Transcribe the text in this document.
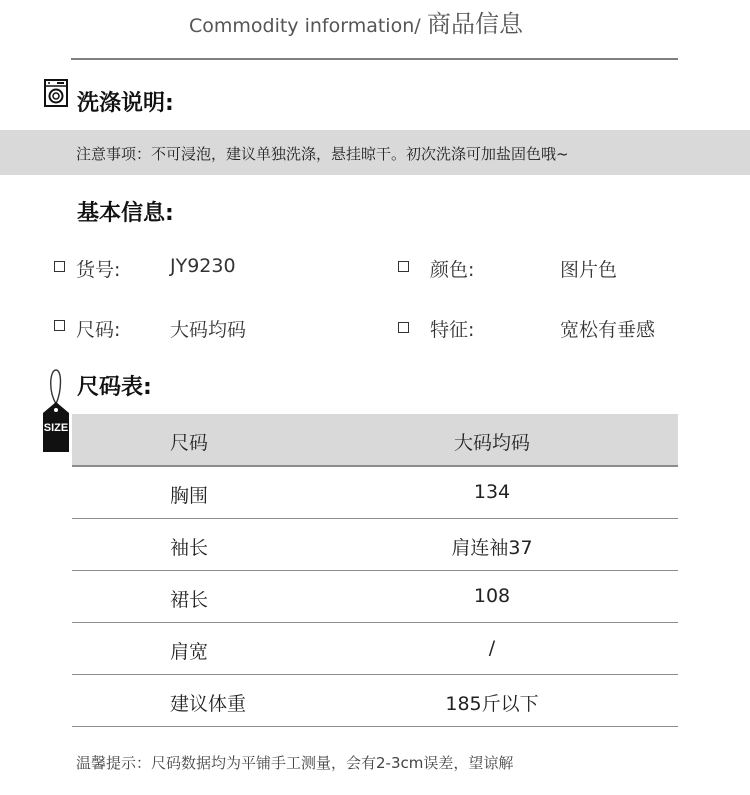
Commodity information/ 商品信息
洗涤说明:
注意事项：不可浸泡，建议单独洗涤，悬挂晾干。初次洗涤可加盐固色哦~
基本信息:
货号:	JY9230	颜色:	图片色
尺码:	大码均码	特征:	宽松有垂感
SIZE
尺码表:
尺码	大码均码
胸围	134
袖长	肩连袖37
裙长	108
肩宽	/
建议体重	185斤以下
温馨提示：尺码数据均为平铺手工测量，会有2-3cm误差，望谅解
